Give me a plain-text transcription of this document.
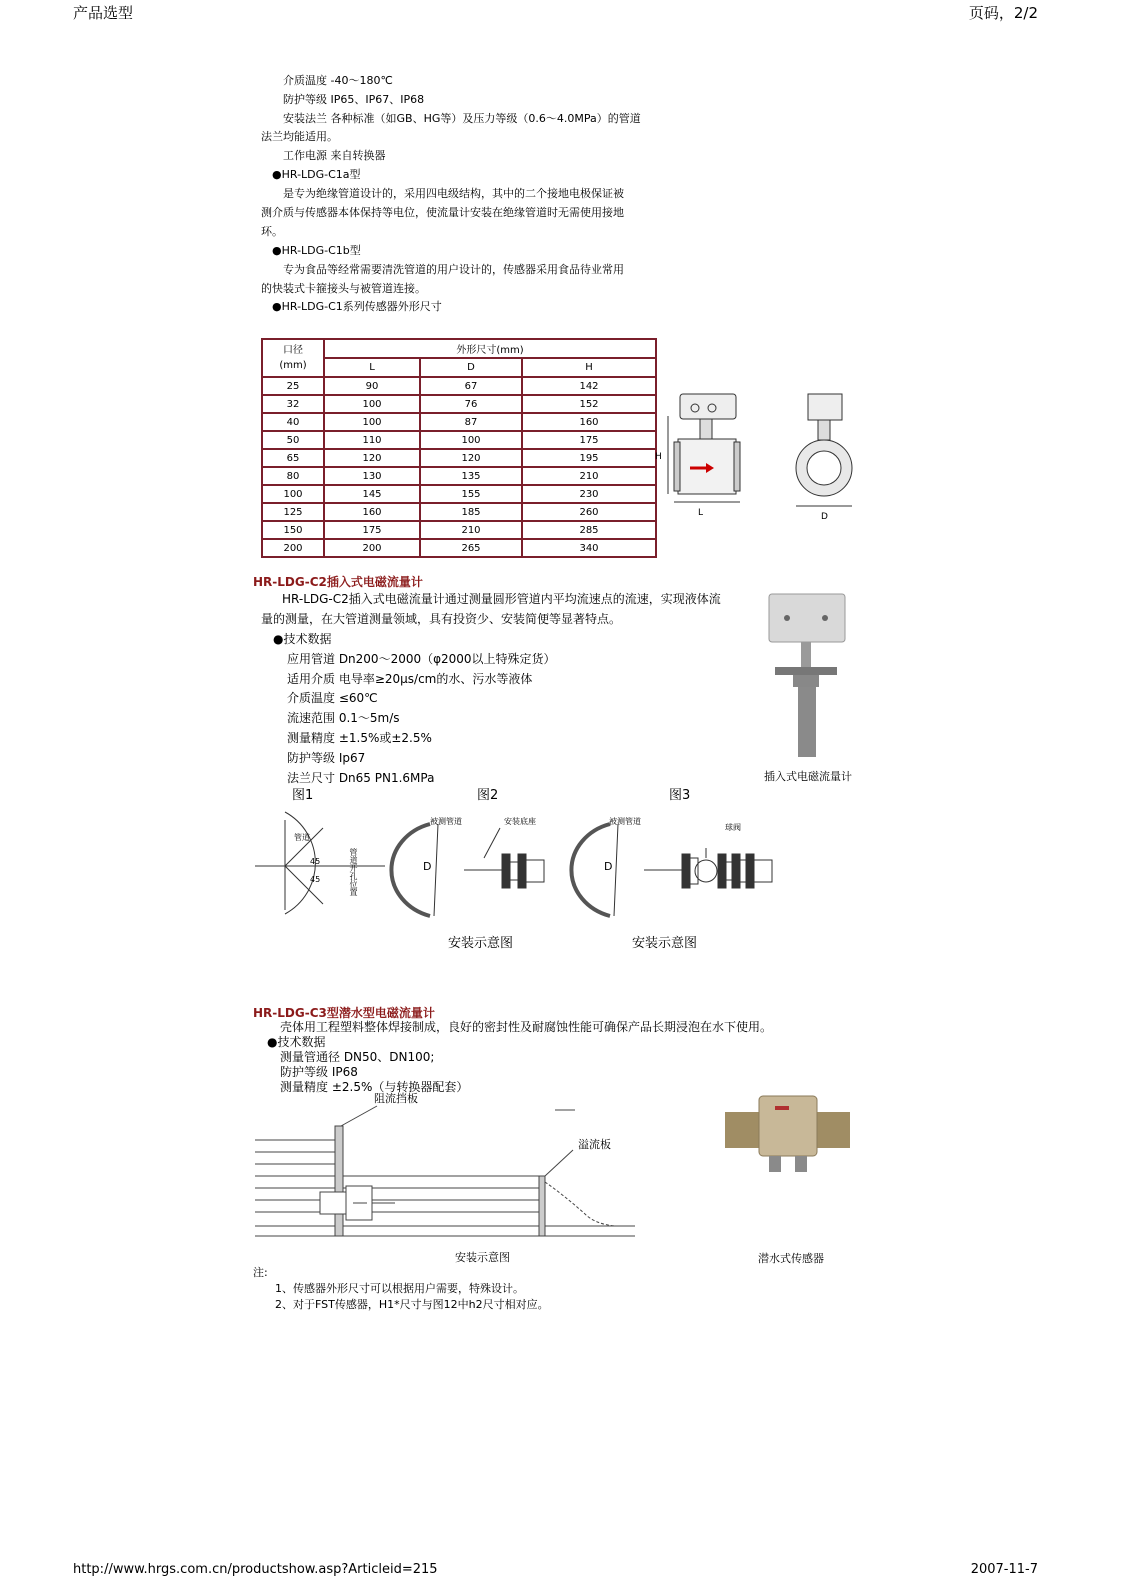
产品选型	页码，2/2
介质温度 -40～180℃
防护等级 IP65、IP67、IP68
安装法兰 各种标准（如GB、HG等）及压力等级（0.6～4.0MPa）的管道
法兰均能适用。
工作电源 来自转换器
●HR-LDG-C1a型
是专为绝缘管道设计的，采用四电级结构，其中的二个接地电极保证被
测介质与传感器本体保持等电位，使流量计安装在绝缘管道时无需使用接地
环。
●HR-LDG-C1b型
专为食品等经常需要清洗管道的用户设计的，传感器采用食品待业常用
的快装式卡箍接头与被管道连接。
●HR-LDG-C1系列传感器外形尺寸
口径
(mm)	外形尺寸(mm)		
	L	D	H
25	90	67	142
32	100	76	152
40	100	87	160
50	110	100	175
65	120	120	195
80	130	135	210
100	145	155	230
125	160	185	260
150	175	210	285
200	200	265	340
H
L	D
HR-LDG-C2插入式电磁流量计
HR-LDG-C2插入式电磁流量计通过测量圆形管道内平均流速点的流速，实现液体流
量的测量，在大管道测量领域，具有投资少、安装简便等显著特点。
●技术数据
应用管道 Dn200～2000（φ2000以上特殊定货）
适用介质 电导率≥20μs/cm的水、污水等液体
介质温度 ≤60℃
流速范围 0.1～5m/s
测量精度 ±1.5%或±2.5%
防护等级 Ip67
法兰尺寸 Dn65 PN1.6MPa	插入式电磁流量计
图1	图2	图3
管道
45
45	管道开孔位置
被测管道	安装底座
D
安装示意图
被测管道
球阀
D
安装示意图
HR-LDG-C3型潜水型电磁流量计
壳体用工程塑料整体焊接制成，良好的密封性及耐腐蚀性能可确保产品长期浸泡在水下使用。
●技术数据
测量管通径 DN50、DN100;
防护等级 IP68
测量精度 ±2.5%（与转换器配套）
阻流挡板
溢流板
安装示意图	潜水式传感器
注:
1、传感器外形尺寸可以根据用户需要，特殊设计。
2、对于FST传感器，H1*尺寸与图12中h2尺寸相对应。
http://www.hrgs.com.cn/productshow.asp?Articleid=215	2007-11-7
